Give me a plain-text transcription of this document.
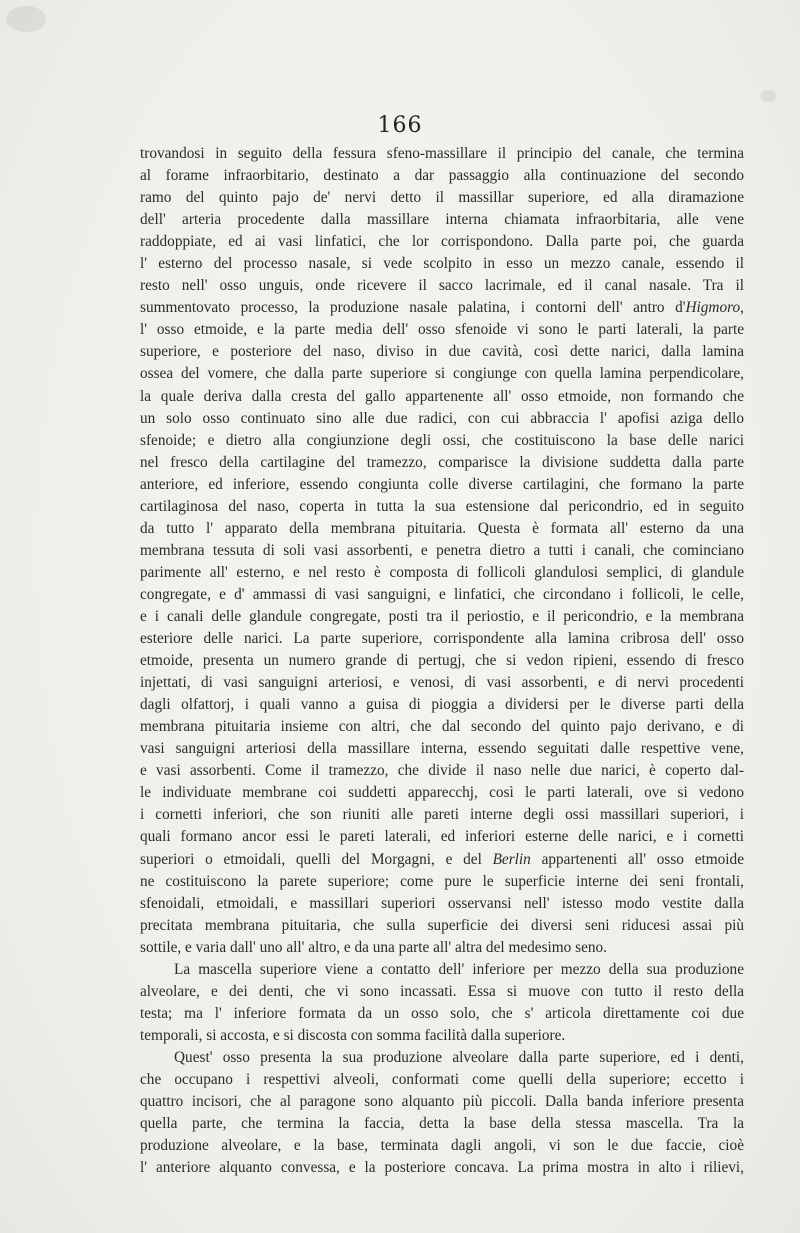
166

trovandosi in seguito della fessura sfeno-massillare il principio del canale, che termina

al forame infraorbitario, destinato a dar passaggio alla continuazione del secondo

ramo del quinto pajo de' nervi detto il massillar superiore, ed alla diramazione

dell' arteria procedente dalla massillare interna chiamata infraorbitaria, alle vene

raddoppiate, ed ai vasi linfatici, che lor corrispondono. Dalla parte poi, che guarda

l' esterno del processo nasale, si vede scolpito in esso un mezzo canale, essendo il

resto nell' osso unguis, onde ricevere il sacco lacrimale, ed il canal nasale. Tra il

summentovato processo, la produzione nasale palatina, i contorni dell' antro d'Higmoro,

l' osso etmoide, e la parte media dell' osso sfenoide vi sono le parti laterali, la parte

superiore, e posteriore del naso, diviso in due cavità, così dette narici, dalla lamina

ossea del vomere, che dalla parte superiore si congiunge con quella lamina perpendicolare,

la quale deriva dalla cresta del gallo appartenente all' osso etmoide, non formando che

un solo osso continuato sino alle due radici, con cui abbraccia l' apofisi aziga dello

sfenoide; e dietro alla congiunzione degli ossi, che costituiscono la base delle narici

nel fresco della cartilagine del tramezzo, comparisce la divisione suddetta dalla parte

anteriore, ed inferiore, essendo congiunta colle diverse cartilagini, che formano la parte

cartilaginosa del naso, coperta in tutta la sua estensione dal pericondrio, ed in seguito

da tutto l' apparato della membrana pituitaria. Questa è formata all' esterno da una

membrana tessuta di soli vasi assorbenti, e penetra dietro a tutti i canali, che cominciano

parimente all' esterno, e nel resto è composta di follicoli glandulosi semplici, di glandule

congregate, e d' ammassi di vasi sanguigni, e linfatici, che circondano i follicoli, le celle,

e i canali delle glandule congregate, posti tra il periostio, e il pericondrio, e la membrana

esteriore delle narici. La parte superiore, corrispondente alla lamina cribrosa dell' osso

etmoide, presenta un numero grande di pertugj, che si vedon ripieni, essendo di fresco

injettati, di vasi sanguigni arteriosi, e venosi, di vasi assorbenti, e di nervi procedenti

dagli olfattorj, i quali vanno a guisa di pioggia a dividersi per le diverse parti della

membrana pituitaria insieme con altri, che dal secondo del quinto pajo derivano, e di

vasi sanguigni arteriosi della massillare interna, essendo seguitati dalle respettive vene,

e vasi assorbenti. Come il tramezzo, che divide il naso nelle due narici, è coperto dal-

le individuate membrane coi suddetti apparecchj, così le parti laterali, ove si vedono

i cornetti inferiori, che son riuniti alle pareti interne degli ossi massillari superiori, i

quali formano ancor essi le pareti laterali, ed inferiori esterne delle narici, e i cornetti

superiori o etmoidali, quelli del Morgagni, e del Berlin appartenenti all' osso etmoide

ne costituiscono la parete superiore; come pure le superficie interne dei seni frontali,

sfenoidali, etmoidali, e massillari superiori osservansi nell' istesso modo vestite dalla

precitata membrana pituitaria, che sulla superficie dei diversi seni riducesi assai più

sottile, e varia dall' uno all' altro, e da una parte all' altra del medesimo seno.

La mascella superiore viene a contatto dell' inferiore per mezzo della sua produzione

alveolare, e dei denti, che vi sono incassati. Essa si muove con tutto il resto della

testa; ma l' inferiore formata da un osso solo, che s' articola direttamente coi due

temporali, si accosta, e si discosta con somma facilità dalla superiore.

Quest' osso presenta la sua produzione alveolare dalla parte superiore, ed i denti,

che occupano i respettivi alveoli, conformati come quelli della superiore; eccetto i

quattro incisori, che al paragone sono alquanto più piccoli. Dalla banda inferiore presenta

quella parte, che termina la faccia, detta la base della stessa mascella. Tra la

produzione alveolare, e la base, terminata dagli angoli, vi son le due faccie, cioè

l' anteriore alquanto convessa, e la posteriore concava. La prima mostra in alto i rilievi,
